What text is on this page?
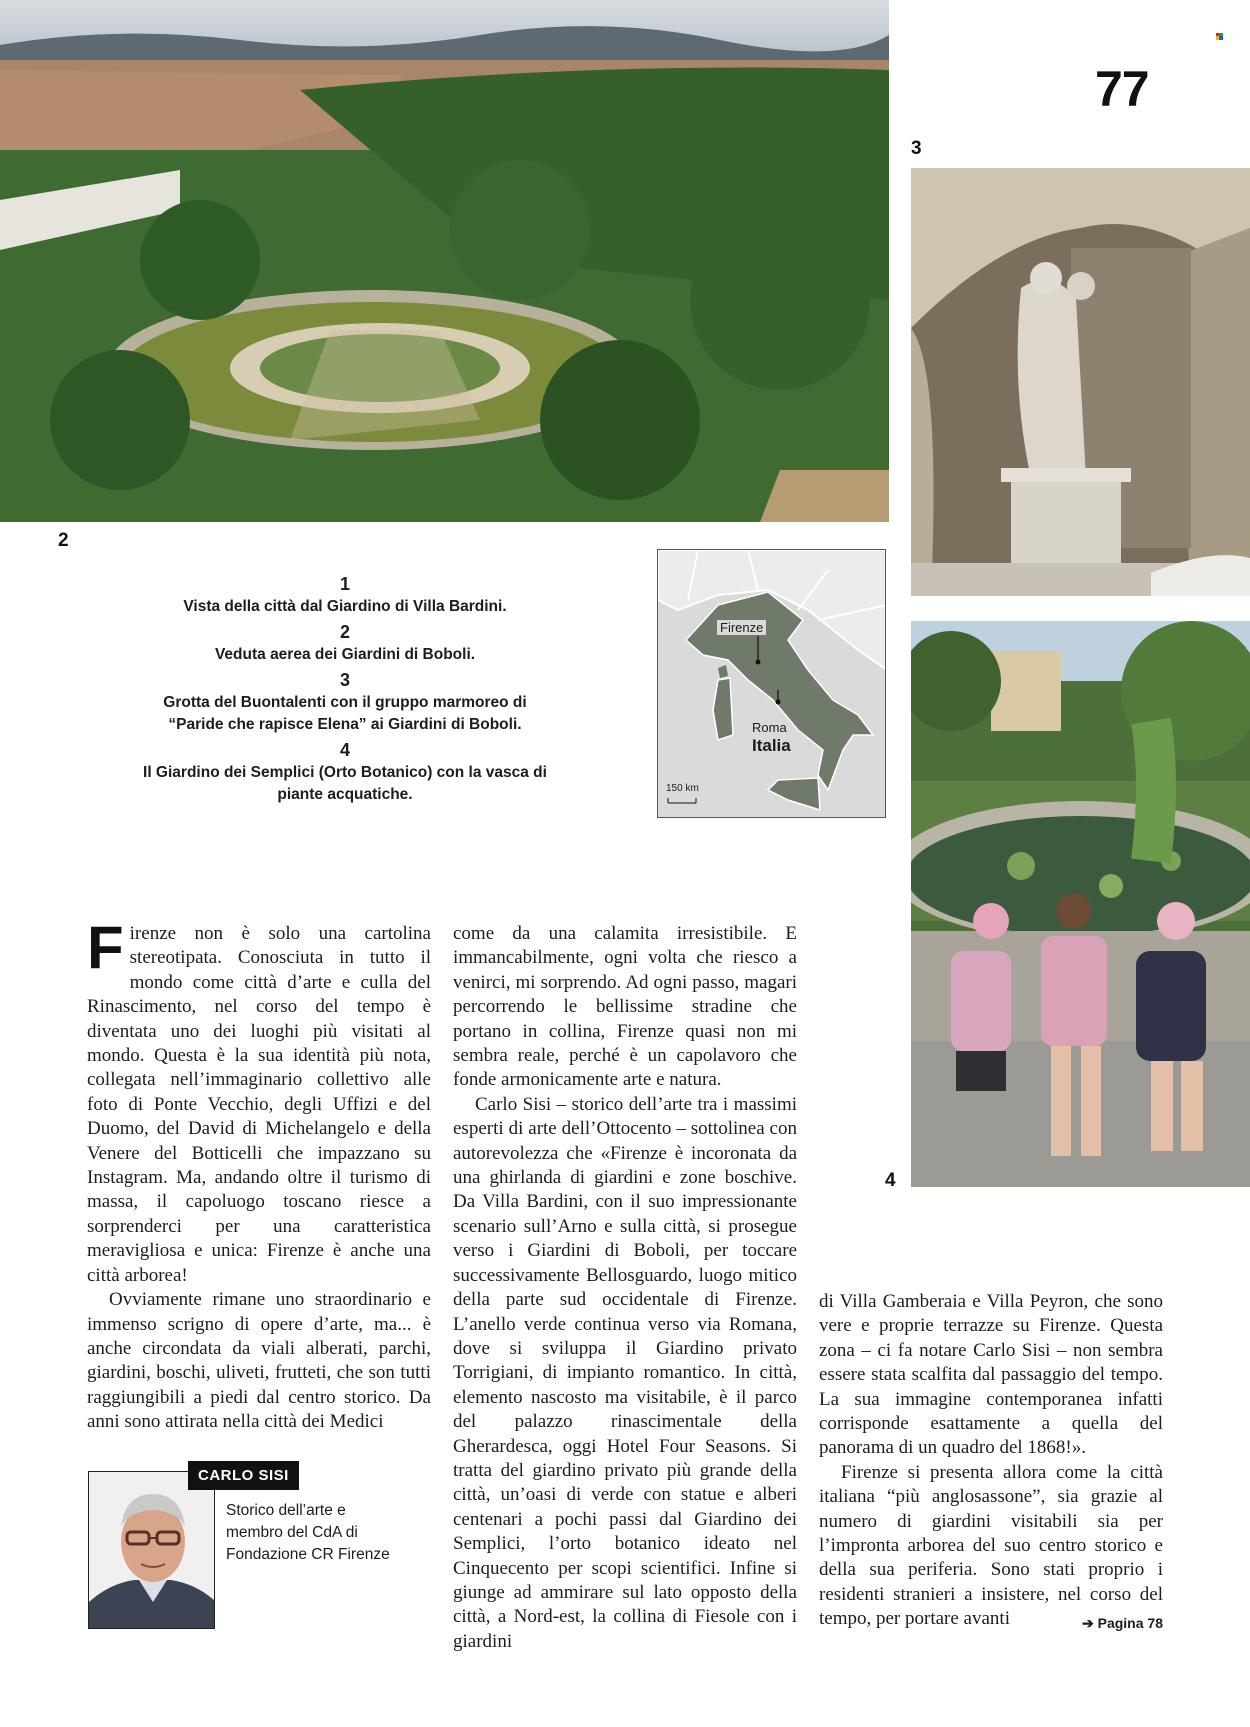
77
2
3
4
1
Vista della città dal Giardino di Villa Bardini.
2
Veduta aerea dei Giardini di Boboli.
3
Grotta del Buontalenti con il gruppo marmoreo di “Paride che rapisce Elena” ai Giardini di Boboli.
4
Il Giardino dei Semplici (Orto Botanico) con la vasca di piante acquatiche.
Firenze
Roma
Italia
150 km

Firenze non è solo una cartolina stereotipata. Conosciuta in tutto il mondo come città d’arte e culla del Rinascimento, nel corso del tempo è diventata uno dei luoghi più visitati al mondo. Questa è la sua identità più nota, collegata nell’immaginario collettivo alle foto di Ponte Vecchio, degli Uffizi e del Duomo, del David di Michelangelo e della Venere del Botticelli che impazzano su Instagram. Ma, andando oltre il turismo di massa, il capoluogo toscano riesce a sorprenderci per una caratteristica meravigliosa e unica: Firenze è anche una città arborea!

Ovviamente rimane uno straordinario e immenso scrigno di opere d’arte, ma... è anche circondata da viali alberati, parchi, giardini, boschi, uliveti, frutteti, che son tutti raggiungibili a piedi dal centro storico. Da anni sono attirata nella città dei Medici

come da una calamita irresistibile. E immancabilmente, ogni volta che riesco a venirci, mi sorprendo. Ad ogni passo, magari percorrendo le bellissime stradine che portano in collina, Firenze quasi non mi sembra reale, perché è un capolavoro che fonde armonicamente arte e natura.

Carlo Sisi – storico dell’arte tra i massimi esperti di arte dell’Ottocento – sottolinea con autorevolezza che «Firenze è incoronata da una ghirlanda di giardini e zone boschive. Da Villa Bardini, con il suo impressionante scenario sull’Arno e sulla città, si prosegue verso i Giardini di Boboli, per toccare successivamente Bellosguardo, luogo mitico della parte sud occidentale di Firenze. L’anello verde continua verso via Romana, dove si sviluppa il Giardino privato Torrigiani, di impianto romantico. In città, elemento nascosto ma visitabile, è il parco del palazzo rinascimentale della Gherardesca, oggi Hotel Four Seasons. Si tratta del giardino privato più grande della città, un’oasi di verde con statue e alberi centenari a pochi passi dal Giardino dei Semplici, l’orto botanico ideato nel Cinquecento per scopi scientifici. Infine si giunge ad ammirare sul lato opposto della città, a Nord-est, la collina di Fiesole con i giardini

di Villa Gamberaia e Villa Peyron, che sono vere e proprie terrazze su Firenze. Questa zona – ci fa notare Carlo Sisi – non sembra essere stata scalfita dal passaggio del tempo. La sua immagine contemporanea infatti corrisponde esattamente a quella del panorama di un quadro del 1868!».

Firenze si presenta allora come la città italiana “più anglosassone”, sia grazie al numero di giardini visitabili sia per l’impronta arborea del suo centro storico e della sua periferia. Sono stati proprio i residenti stranieri a insistere, nel corso del tempo, per portare avanti	➔ Pagina 78

CARLO SISI
Storico dell’arte e membro del CdA di Fondazione CR Firenze
